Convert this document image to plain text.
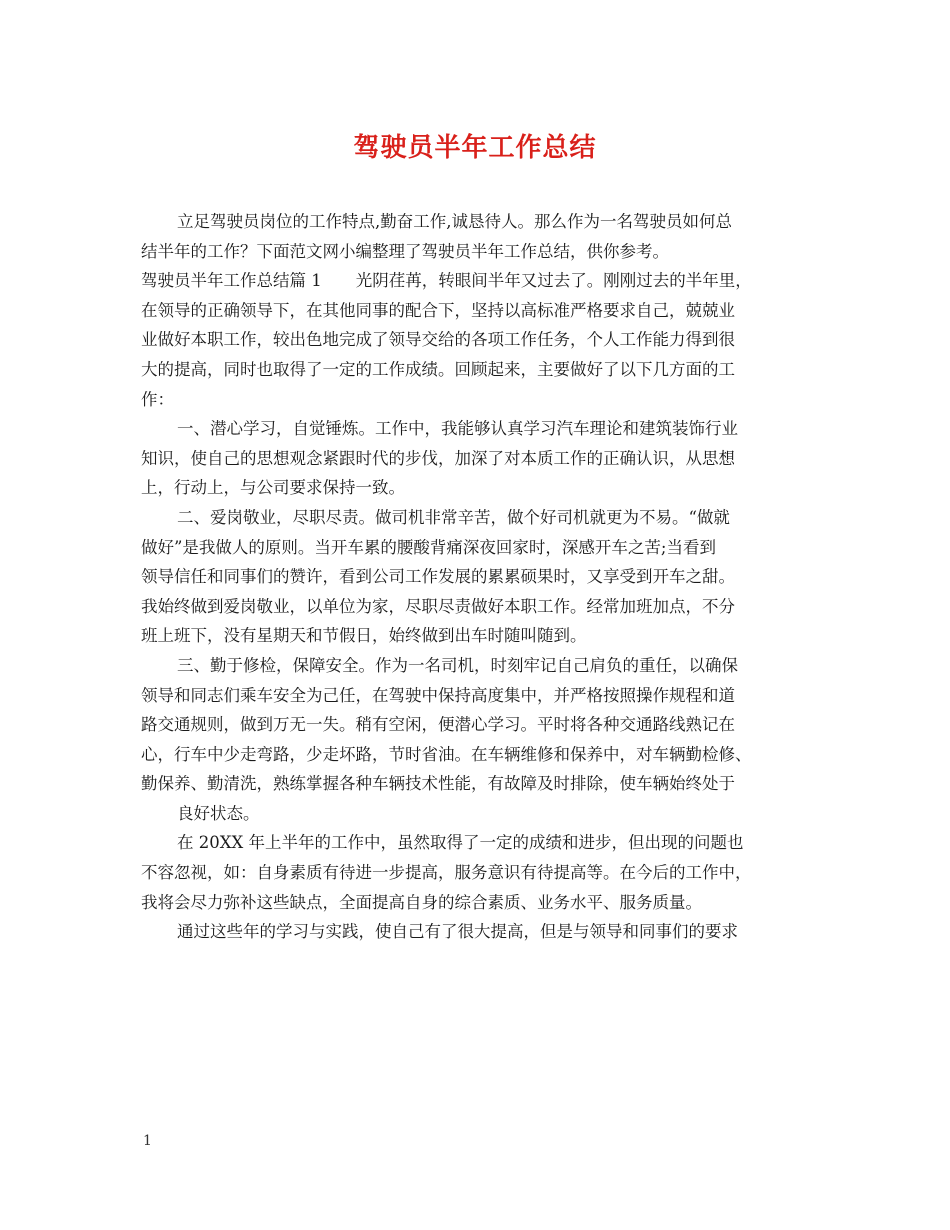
驾驶员半年工作总结
立足驾驶员岗位的工作特点,勤奋工作,诚恳待人。那么作为一名驾驶员如何总
结半年的工作？下面范文网小编整理了驾驶员半年工作总结，供你参考。
驾驶员半年工作总结篇 1 光阴荏苒，转眼间半年又过去了。刚刚过去的半年里，
在领导的正确领导下，在其他同事的配合下，坚持以高标准严格要求自己，兢兢业
业做好本职工作，较出色地完成了领导交给的各项工作任务，个人工作能力得到很
大的提高，同时也取得了一定的工作成绩。回顾起来，主要做好了以下几方面的工
作：
一、潜心学习，自觉锤炼。工作中，我能够认真学习汽车理论和建筑装饰行业
知识，使自己的思想观念紧跟时代的步伐，加深了对本质工作的正确认识，从思想
上，行动上，与公司要求保持一致。
二、爱岗敬业，尽职尽责。做司机非常辛苦，做个好司机就更为不易。“做就
做好”是我做人的原则。当开车累的腰酸背痛深夜回家时，深感开车之苦;当看到
领导信任和同事们的赞许，看到公司工作发展的累累硕果时，又享受到开车之甜。
我始终做到爱岗敬业，以单位为家，尽职尽责做好本职工作。经常加班加点，不分
班上班下，没有星期天和节假日，始终做到出车时随叫随到。
三、勤于修检，保障安全。作为一名司机，时刻牢记自己肩负的重任，以确保
领导和同志们乘车安全为己任，在驾驶中保持高度集中，并严格按照操作规程和道
路交通规则，做到万无一失。稍有空闲，便潜心学习。平时将各种交通路线熟记在
心，行车中少走弯路，少走坏路，节时省油。在车辆维修和保养中，对车辆勤检修、
勤保养、勤清洗，熟练掌握各种车辆技术性能，有故障及时排除，使车辆始终处于
良好状态。
在 20XX 年上半年的工作中，虽然取得了一定的成绩和进步，但出现的问题也
不容忽视，如：自身素质有待进一步提高，服务意识有待提高等。在今后的工作中，
我将会尽力弥补这些缺点，全面提高自身的综合素质、业务水平、服务质量。
通过这些年的学习与实践，使自己有了很大提高，但是与领导和同事们的要求
1
